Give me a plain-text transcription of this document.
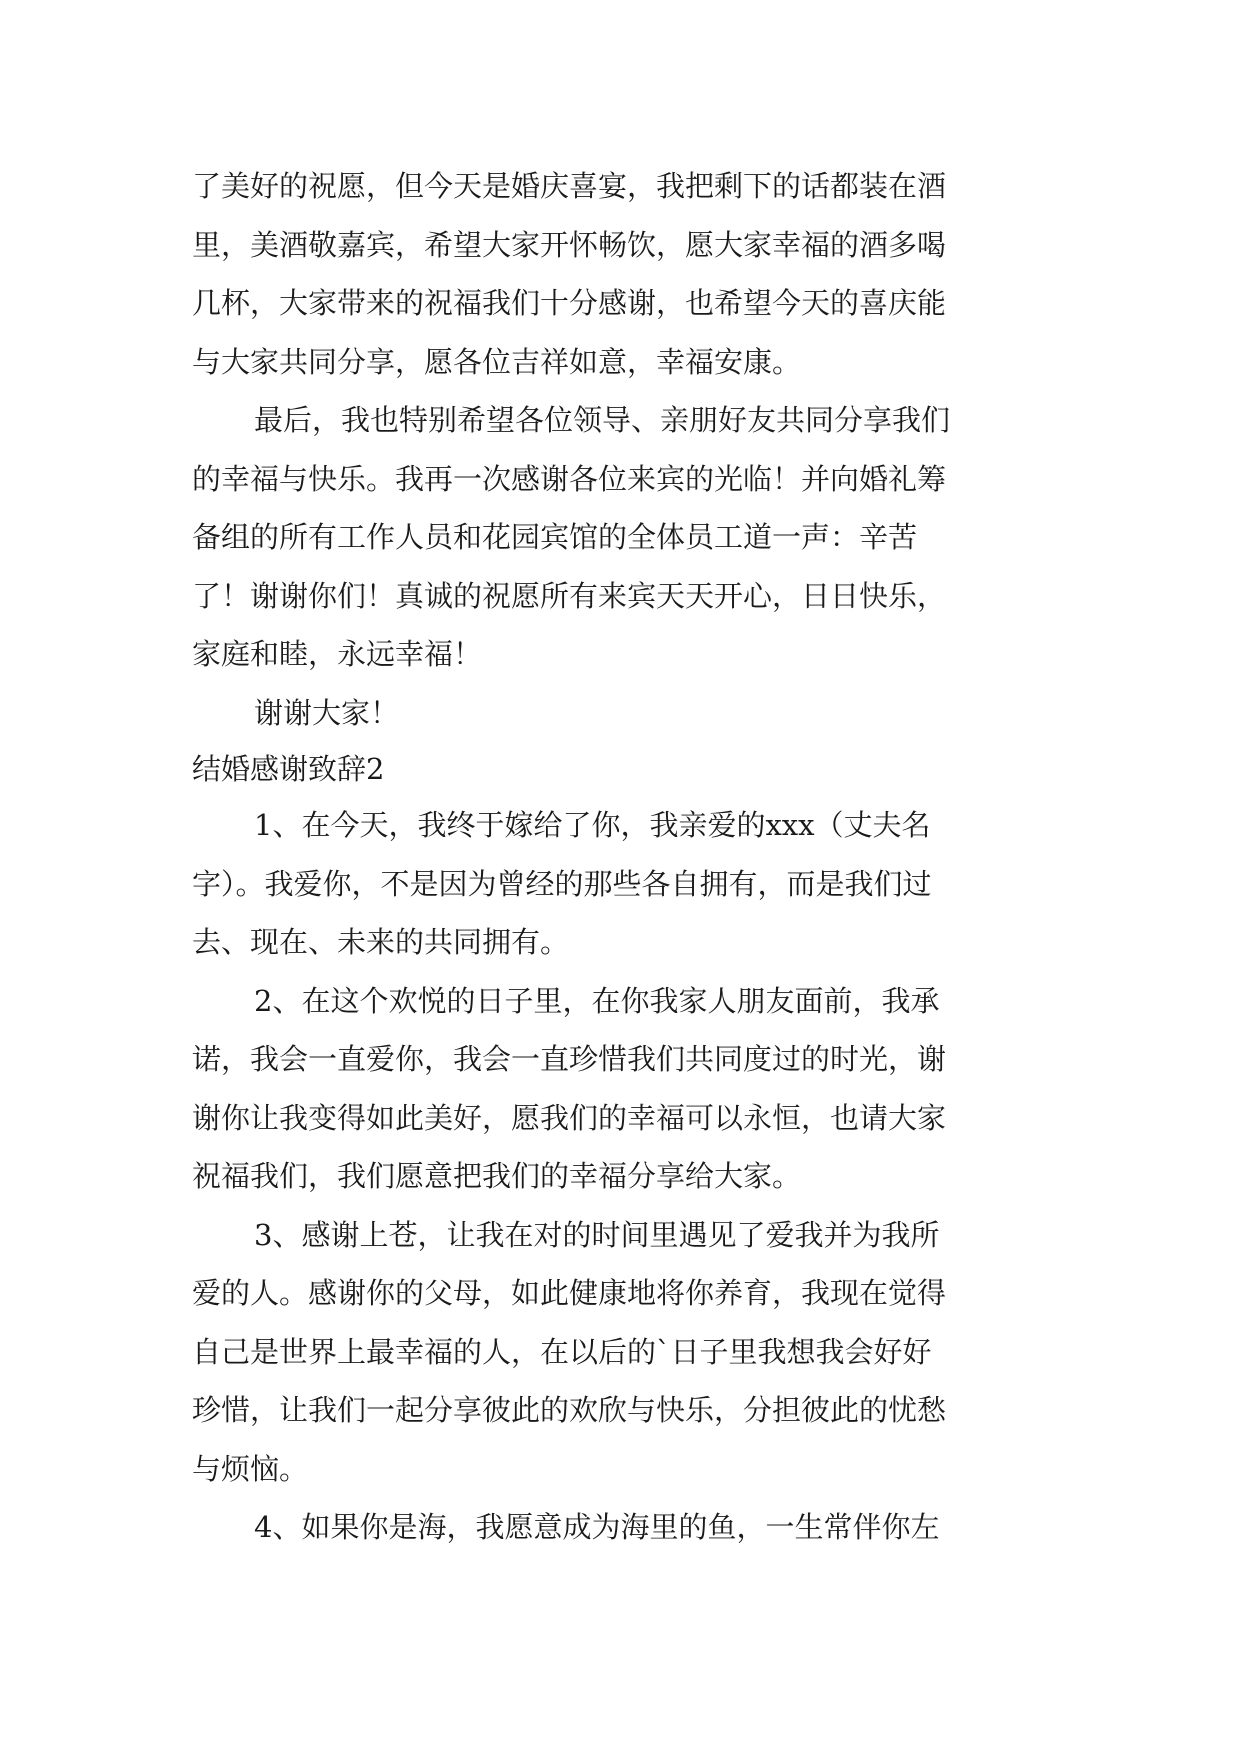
了美好的祝愿，但今天是婚庆喜宴，我把剩下的话都装在酒
里，美酒敬嘉宾，希望大家开怀畅饮，愿大家幸福的酒多喝
几杯，大家带来的祝福我们十分感谢，也希望今天的喜庆能
与大家共同分享，愿各位吉祥如意，幸福安康。
最后，我也特别希望各位领导、亲朋好友共同分享我们
的幸福与快乐。我再一次感谢各位来宾的光临！并向婚礼筹
备组的所有工作人员和花园宾馆的全体员工道一声：辛苦
了！谢谢你们！真诚的祝愿所有来宾天天开心，日日快乐，
家庭和睦，永远幸福！
谢谢大家！
结婚感谢致辞2
1、在今天，我终于嫁给了你，我亲爱的xxx（丈夫名
字）。我爱你，不是因为曾经的那些各自拥有，而是我们过
去、现在、未来的共同拥有。
2、在这个欢悦的日子里，在你我家人朋友面前，我承
诺，我会一直爱你，我会一直珍惜我们共同度过的时光，谢
谢你让我变得如此美好，愿我们的幸福可以永恒，也请大家
祝福我们，我们愿意把我们的幸福分享给大家。
3、感谢上苍，让我在对的时间里遇见了爱我并为我所
爱的人。感谢你的父母，如此健康地将你养育，我现在觉得
自己是世界上最幸福的人，在以后的`日子里我想我会好好
珍惜，让我们一起分享彼此的欢欣与快乐，分担彼此的忧愁
与烦恼。
4、如果你是海，我愿意成为海里的鱼，一生常伴你左
